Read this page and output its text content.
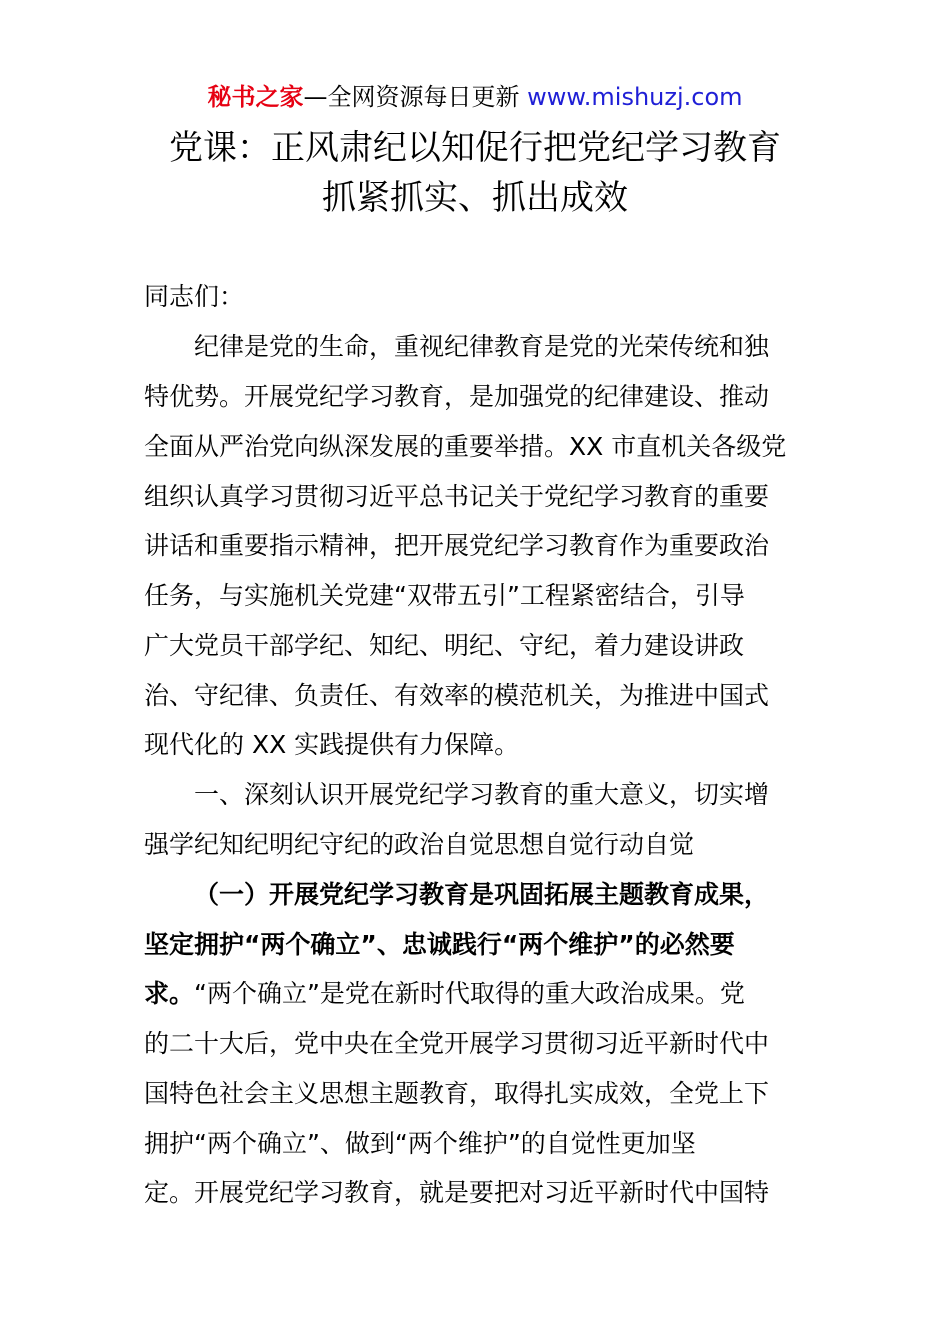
秘书之家—全网资源每日更新 www.mishuzj.com
党课：正风肃纪以知促行把党纪学习教育
抓紧抓实、抓出成效
同志们：
纪律是党的生命，重视纪律教育是党的光荣传统和独
特优势。开展党纪学习教育，是加强党的纪律建设、推动
全面从严治党向纵深发展的重要举措。XX 市直机关各级党
组织认真学习贯彻习近平总书记关于党纪学习教育的重要
讲话和重要指示精神，把开展党纪学习教育作为重要政治
任务，与实施机关党建“双带五引”工程紧密结合，引导
广大党员干部学纪、知纪、明纪、守纪，着力建设讲政
治、守纪律、负责任、有效率的模范机关，为推进中国式
现代化的 XX 实践提供有力保障。
一、深刻认识开展党纪学习教育的重大意义，切实增
强学纪知纪明纪守纪的政治自觉思想自觉行动自觉
（一）开展党纪学习教育是巩固拓展主题教育成果，
坚定拥护“两个确立”、忠诚践行“两个维护”的必然要
求。“两个确立”是党在新时代取得的重大政治成果。党
的二十大后，党中央在全党开展学习贯彻习近平新时代中
国特色社会主义思想主题教育，取得扎实成效，全党上下
拥护“两个确立”、做到“两个维护”的自觉性更加坚
定。开展党纪学习教育，就是要把对习近平新时代中国特
